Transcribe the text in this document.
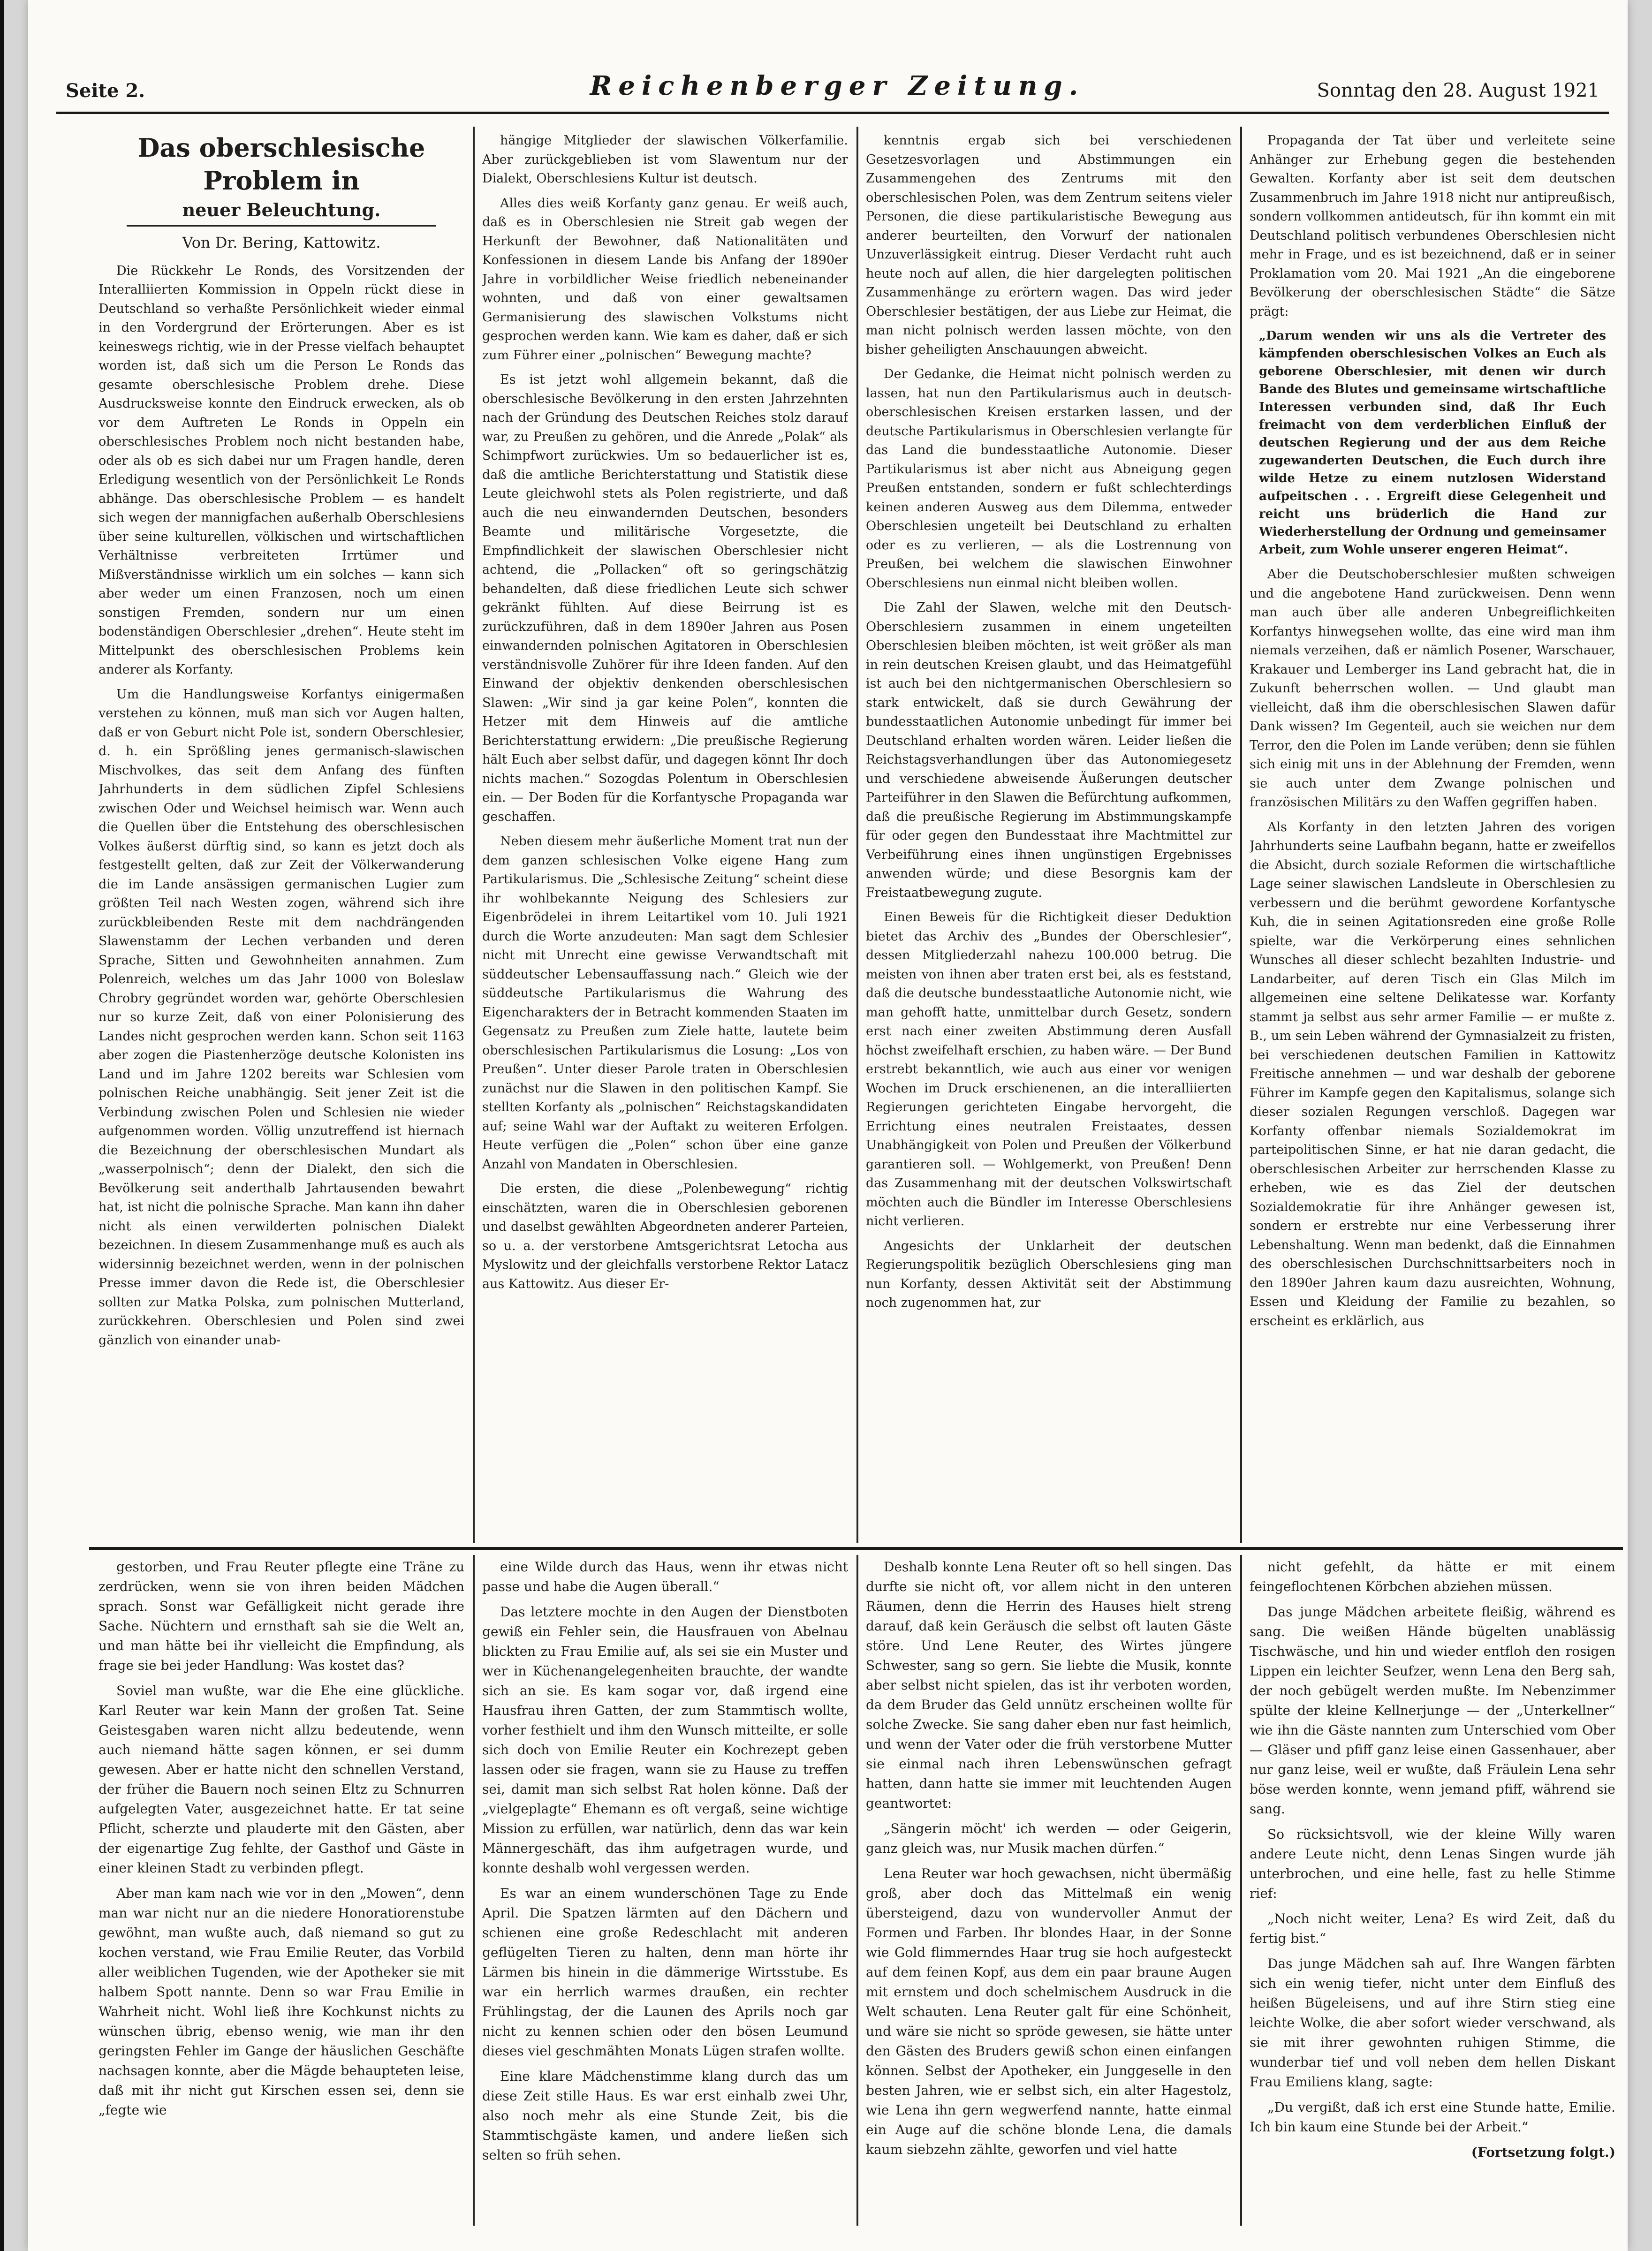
Seite 2.	Reichenberger Zeitung.	Sonntag den 28. August 1921
Das oberschlesische Problem in
neuer Beleuchtung.
Von Dr. Bering, Kattowitz.

Die Rückkehr Le Ronds, des Vorsitzenden der Interalliierten Kommission in Oppeln rückt diese in Deutschland so verhaßte Persönlichkeit wieder einmal in den Vordergrund der Erörterungen. Aber es ist keineswegs richtig, wie in der Presse vielfach behauptet worden ist, daß sich um die Person Le Ronds das gesamte oberschlesische Problem drehe. Diese Ausdrucksweise konnte den Eindruck erwecken, als ob vor dem Auftreten Le Ronds in Oppeln ein oberschlesisches Problem noch nicht bestanden habe, oder als ob es sich dabei nur um Fragen handle, deren Erledigung wesentlich von der Persönlichkeit Le Ronds abhänge. Das oberschlesische Problem — es handelt sich wegen der mannigfachen außerhalb Oberschlesiens über seine kulturellen, völkischen und wirtschaftlichen Verhältnisse verbreiteten Irrtümer und Mißverständnisse wirklich um ein solches — kann sich aber weder um einen Franzosen, noch um einen sonstigen Fremden, sondern nur um einen bodenständigen Oberschlesier „drehen“. Heute steht im Mittelpunkt des oberschlesischen Problems kein anderer als Korfanty.

Um die Handlungsweise Korfantys einigermaßen verstehen zu können, muß man sich vor Augen halten, daß er von Geburt nicht Pole ist, sondern Oberschlesier, d. h. ein Sprößling jenes germanisch-slawischen Mischvolkes, das seit dem Anfang des fünften Jahrhunderts in dem südlichen Zipfel Schlesiens zwischen Oder und Weichsel heimisch war. Wenn auch die Quellen über die Entstehung des oberschlesischen Volkes äußerst dürftig sind, so kann es jetzt doch als festgestellt gelten, daß zur Zeit der Völkerwanderung die im Lande ansässigen germanischen Lugier zum größten Teil nach Westen zogen, während sich ihre zurückbleibenden Reste mit dem nachdrängenden Slawenstamm der Lechen verbanden und deren Sprache, Sitten und Gewohnheiten annahmen. Zum Polenreich, welches um das Jahr 1000 von Boleslaw Chrobry gegründet worden war, gehörte Oberschlesien nur so kurze Zeit, daß von einer Polonisierung des Landes nicht gesprochen werden kann. Schon seit 1163 aber zogen die Piastenherzöge deutsche Kolonisten ins Land und im Jahre 1202 bereits war Schlesien vom polnischen Reiche unabhängig. Seit jener Zeit ist die Verbindung zwischen Polen und Schlesien nie wieder aufgenommen worden. Völlig unzutreffend ist hiernach die Bezeichnung der oberschlesischen Mundart als „wasserpolnisch“; denn der Dialekt, den sich die Bevölkerung seit anderthalb Jahrtausenden bewahrt hat, ist nicht die polnische Sprache. Man kann ihn daher nicht als einen verwilderten polnischen Dialekt bezeichnen. In diesem Zusammenhange muß es auch als widersinnig bezeichnet werden, wenn in der polnischen Presse immer davon die Rede ist, die Oberschlesier sollten zur Matka Polska, zum polnischen Mutterland, zurückkehren. Oberschlesien und Polen sind zwei gänzlich von einander unab-

hängige Mitglieder der slawischen Völkerfamilie. Aber zurückgeblieben ist vom Slawentum nur der Dialekt, Oberschlesiens Kultur ist deutsch.

Alles dies weiß Korfanty ganz genau. Er weiß auch, daß es in Oberschlesien nie Streit gab wegen der Herkunft der Bewohner, daß Nationalitäten und Konfessionen in diesem Lande bis Anfang der 1890er Jahre in vorbildlicher Weise friedlich nebeneinander wohnten, und daß von einer gewaltsamen Germanisierung des slawischen Volkstums nicht gesprochen werden kann. Wie kam es daher, daß er sich zum Führer einer „polnischen“ Bewegung machte?

Es ist jetzt wohl allgemein bekannt, daß die oberschlesische Bevölkerung in den ersten Jahrzehnten nach der Gründung des Deutschen Reiches stolz darauf war, zu Preußen zu gehören, und die Anrede „Polak“ als Schimpfwort zurückwies. Um so bedauerlicher ist es, daß die amtliche Berichterstattung und Statistik diese Leute gleichwohl stets als Polen registrierte, und daß auch die neu einwandernden Deutschen, besonders Beamte und militärische Vorgesetzte, die Empfindlichkeit der slawischen Oberschlesier nicht achtend, die „Pollacken“ oft so geringschätzig behandelten, daß diese friedlichen Leute sich schwer gekränkt fühlten. Auf diese Beirrung ist es zurückzuführen, daß in dem 1890er Jahren aus Posen einwandernden polnischen Agitatoren in Oberschlesien verständnisvolle Zuhörer für ihre Ideen fanden. Auf den Einwand der objektiv denkenden oberschlesischen Slawen: „Wir sind ja gar keine Polen“, konnten die Hetzer mit dem Hinweis auf die amtliche Berichterstattung erwidern: „Die preußische Regierung hält Euch aber selbst dafür, und dagegen könnt Ihr doch nichts machen.“ Sozogdas Polentum in Oberschlesien ein. — Der Boden für die Korfantysche Propaganda war geschaffen.

Neben diesem mehr äußerliche Moment trat nun der dem ganzen schlesischen Volke eigene Hang zum Partikularismus. Die „Schlesische Zeitung“ scheint diese ihr wohlbekannte Neigung des Schlesiers zur Eigenbrödelei in ihrem Leitartikel vom 10. Juli 1921 durch die Worte anzudeuten: Man sagt dem Schlesier nicht mit Unrecht eine gewisse Verwandtschaft mit süddeutscher Lebensauffassung nach.“ Gleich wie der süddeutsche Partikularismus die Wahrung des Eigencharakters der in Betracht kommenden Staaten im Gegensatz zu Preußen zum Ziele hatte, lautete beim oberschlesischen Partikularismus die Losung: „Los von Preußen“. Unter dieser Parole traten in Oberschlesien zunächst nur die Slawen in den politischen Kampf. Sie stellten Korfanty als „polnischen“ Reichstagskandidaten auf; seine Wahl war der Auftakt zu weiteren Erfolgen. Heute verfügen die „Polen“ schon über eine ganze Anzahl von Mandaten in Oberschlesien.

Die ersten, die diese „Polenbewegung“ richtig einschätzten, waren die in Oberschlesien geborenen und daselbst gewählten Abgeordneten anderer Parteien, so u. a. der verstorbene Amtsgerichtsrat Letocha aus Myslowitz und der gleichfalls verstorbene Rektor Latacz aus Kattowitz. Aus dieser Er-

kenntnis ergab sich bei verschiedenen Gesetzesvorlagen und Abstimmungen ein Zusammengehen des Zentrums mit den oberschlesischen Polen, was dem Zentrum seitens vieler Personen, die diese partikularistische Bewegung aus anderer beurteilten, den Vorwurf der nationalen Unzuverlässigkeit eintrug. Dieser Verdacht ruht auch heute noch auf allen, die hier dargelegten politischen Zusammenhänge zu erörtern wagen. Das wird jeder Oberschlesier bestätigen, der aus Liebe zur Heimat, die man nicht polnisch werden lassen möchte, von den bisher geheiligten Anschauungen abweicht.

Der Gedanke, die Heimat nicht polnisch werden zu lassen, hat nun den Partikularismus auch in deutsch-oberschlesischen Kreisen erstarken lassen, und der deutsche Partikularismus in Oberschlesien verlangte für das Land die bundesstaatliche Autonomie. Dieser Partikularismus ist aber nicht aus Abneigung gegen Preußen entstanden, sondern er fußt schlechterdings keinen anderen Ausweg aus dem Dilemma, entweder Oberschlesien ungeteilt bei Deutschland zu erhalten oder es zu verlieren, — als die Lostrennung von Preußen, bei welchem die slawischen Einwohner Oberschlesiens nun einmal nicht bleiben wollen.

Die Zahl der Slawen, welche mit den Deutsch-Oberschlesiern zusammen in einem ungeteilten Oberschlesien bleiben möchten, ist weit größer als man in rein deutschen Kreisen glaubt, und das Heimatgefühl ist auch bei den nichtgermanischen Oberschlesiern so stark entwickelt, daß sie durch Gewährung der bundesstaatlichen Autonomie unbedingt für immer bei Deutschland erhalten worden wären. Leider ließen die Reichstagsverhandlungen über das Autonomiegesetz und verschiedene abweisende Äußerungen deutscher Parteiführer in den Slawen die Befürchtung aufkommen, daß die preußische Regierung im Abstimmungskampfe für oder gegen den Bundesstaat ihre Machtmittel zur Verbeiführung eines ihnen ungünstigen Ergebnisses anwenden würde; und diese Besorgnis kam der Freistaatbewegung zugute.

Einen Beweis für die Richtigkeit dieser Deduktion bietet das Archiv des „Bundes der Oberschlesier“, dessen Mitgliederzahl nahezu 100.000 betrug. Die meisten von ihnen aber traten erst bei, als es feststand, daß die deutsche bundesstaatliche Autonomie nicht, wie man gehofft hatte, unmittelbar durch Gesetz, sondern erst nach einer zweiten Abstimmung deren Ausfall höchst zweifelhaft erschien, zu haben wäre. — Der Bund erstrebt bekanntlich, wie auch aus einer vor wenigen Wochen im Druck erschienenen, an die interalliierten Regierungen gerichteten Eingabe hervorgeht, die Errichtung eines neutralen Freistaates, dessen Unabhängigkeit von Polen und Preußen der Völkerbund garantieren soll. — Wohlgemerkt, von Preußen! Denn das Zusammenhang mit der deutschen Volkswirtschaft möchten auch die Bündler im Interesse Oberschlesiens nicht verlieren.

Angesichts der Unklarheit der deutschen Regierungspolitik bezüglich Oberschlesiens ging man nun Korfanty, dessen Aktivität seit der Abstimmung noch zugenommen hat, zur

Propaganda der Tat über und verleitete seine Anhänger zur Erhebung gegen die bestehenden Gewalten. Korfanty aber ist seit dem deutschen Zusammenbruch im Jahre 1918 nicht nur antipreußisch, sondern vollkommen antideutsch, für ihn kommt ein mit Deutschland politisch verbundenes Oberschlesien nicht mehr in Frage, und es ist bezeichnend, daß er in seiner Proklamation vom 20. Mai 1921 „An die eingeborene Bevölkerung der oberschlesischen Städte“ die Sätze prägt:

„Darum wenden wir uns als die Vertreter des kämpfenden oberschlesischen Volkes an Euch als geborene Oberschlesier, mit denen wir durch Bande des Blutes und gemeinsame wirtschaftliche Interessen verbunden sind, daß Ihr Euch freimacht von dem verderblichen Einfluß der deutschen Regierung und der aus dem Reiche zugewanderten Deutschen, die Euch durch ihre wilde Hetze zu einem nutzlosen Widerstand aufpeitschen . . . Ergreift diese Gelegenheit und reicht uns brüderlich die Hand zur Wiederherstellung der Ordnung und gemeinsamer Arbeit, zum Wohle unserer engeren Heimat“.

Aber die Deutschoberschlesier mußten schweigen und die angebotene Hand zurückweisen. Denn wenn man auch über alle anderen Unbegreiflichkeiten Korfantys hinwegsehen wollte, das eine wird man ihm niemals verzeihen, daß er nämlich Posener, Warschauer, Krakauer und Lemberger ins Land gebracht hat, die in Zukunft beherrschen wollen. — Und glaubt man vielleicht, daß ihm die oberschlesischen Slawen dafür Dank wissen? Im Gegenteil, auch sie weichen nur dem Terror, den die Polen im Lande verüben; denn sie fühlen sich einig mit uns in der Ablehnung der Fremden, wenn sie auch unter dem Zwange polnischen und französischen Militärs zu den Waffen gegriffen haben.

Als Korfanty in den letzten Jahren des vorigen Jahrhunderts seine Laufbahn begann, hatte er zweifellos die Absicht, durch soziale Reformen die wirtschaftliche Lage seiner slawischen Landsleute in Oberschlesien zu verbessern und die berühmt gewordene Korfantysche Kuh, die in seinen Agitationsreden eine große Rolle spielte, war die Verkörperung eines sehnlichen Wunsches all dieser schlecht bezahlten Industrie- und Landarbeiter, auf deren Tisch ein Glas Milch im allgemeinen eine seltene Delikatesse war. Korfanty stammt ja selbst aus sehr armer Familie — er mußte z. B., um sein Leben während der Gymnasialzeit zu fristen, bei verschiedenen deutschen Familien in Kattowitz Freitische annehmen — und war deshalb der geborene Führer im Kampfe gegen den Kapitalismus, solange sich dieser sozialen Regungen verschloß. Dagegen war Korfanty offenbar niemals Sozialdemokrat im parteipolitischen Sinne, er hat nie daran gedacht, die oberschlesischen Arbeiter zur herrschenden Klasse zu erheben, wie es das Ziel der deutschen Sozialdemokratie für ihre Anhänger gewesen ist, sondern er erstrebte nur eine Verbesserung ihrer Lebenshaltung. Wenn man bedenkt, daß die Einnahmen des oberschlesischen Durchschnittsarbeiters noch in den 1890er Jahren kaum dazu ausreichten, Wohnung, Essen und Kleidung der Familie zu bezahlen, so erscheint es erklärlich, aus

gestorben, und Frau Reuter pflegte eine Träne zu zerdrücken, wenn sie von ihren beiden Mädchen sprach. Sonst war Gefälligkeit nicht gerade ihre Sache. Nüchtern und ernsthaft sah sie die Welt an, und man hätte bei ihr vielleicht die Empfindung, als frage sie bei jeder Handlung: Was kostet das?

Soviel man wußte, war die Ehe eine glückliche. Karl Reuter war kein Mann der großen Tat. Seine Geistesgaben waren nicht allzu bedeutende, wenn auch niemand hätte sagen können, er sei dumm gewesen. Aber er hatte nicht den schnellen Verstand, der früher die Bauern noch seinen Eltz zu Schnurren aufgelegten Vater, ausgezeichnet hatte. Er tat seine Pflicht, scherzte und plauderte mit den Gästen, aber der eigenartige Zug fehlte, der Gasthof und Gäste in einer kleinen Stadt zu verbinden pflegt.

Aber man kam nach wie vor in den „Mowen“, denn man war nicht nur an die niedere Honoratiorenstube gewöhnt, man wußte auch, daß niemand so gut zu kochen verstand, wie Frau Emilie Reuter, das Vorbild aller weiblichen Tugenden, wie der Apotheker sie mit halbem Spott nannte. Denn so war Frau Emilie in Wahrheit nicht. Wohl ließ ihre Kochkunst nichts zu wünschen übrig, ebenso wenig, wie man ihr den geringsten Fehler im Gange der häuslichen Geschäfte nachsagen konnte, aber die Mägde behaupteten leise, daß mit ihr nicht gut Kirschen essen sei, denn sie „fegte wie

eine Wilde durch das Haus, wenn ihr etwas nicht passe und habe die Augen überall.“

Das letztere mochte in den Augen der Dienstboten gewiß ein Fehler sein, die Hausfrauen von Abelnau blickten zu Frau Emilie auf, als sei sie ein Muster und wer in Küchenangelegenheiten brauchte, der wandte sich an sie. Es kam sogar vor, daß irgend eine Hausfrau ihren Gatten, der zum Stammtisch wollte, vorher festhielt und ihm den Wunsch mitteilte, er solle sich doch von Emilie Reuter ein Kochrezept geben lassen oder sie fragen, wann sie zu Hause zu treffen sei, damit man sich selbst Rat holen könne. Daß der „vielgeplagte“ Ehemann es oft vergaß, seine wichtige Mission zu erfüllen, war natürlich, denn das war kein Männergeschäft, das ihm aufgetragen wurde, und konnte deshalb wohl vergessen werden.

Es war an einem wunderschönen Tage zu Ende April. Die Spatzen lärmten auf den Dächern und schienen eine große Redeschlacht mit anderen geflügelten Tieren zu halten, denn man hörte ihr Lärmen bis hinein in die dämmerige Wirtsstube. Es war ein herrlich warmes draußen, ein rechter Frühlingstag, der die Launen des Aprils noch gar nicht zu kennen schien oder den bösen Leumund dieses viel geschmähten Monats Lügen strafen wollte.

Eine klare Mädchenstimme klang durch das um diese Zeit stille Haus. Es war erst einhalb zwei Uhr, also noch mehr als eine Stunde Zeit, bis die Stammtischgäste kamen, und andere ließen sich selten so früh sehen.

Deshalb konnte Lena Reuter oft so hell singen. Das durfte sie nicht oft, vor allem nicht in den unteren Räumen, denn die Herrin des Hauses hielt streng darauf, daß kein Geräusch die selbst oft lauten Gäste störe. Und Lene Reuter, des Wirtes jüngere Schwester, sang so gern. Sie liebte die Musik, konnte aber selbst nicht spielen, das ist ihr verboten worden, da dem Bruder das Geld unnütz erscheinen wollte für solche Zwecke. Sie sang daher eben nur fast heimlich, und wenn der Vater oder die früh verstorbene Mutter sie einmal nach ihren Lebenswünschen gefragt hatten, dann hatte sie immer mit leuchtenden Augen geantwortet:

„Sängerin möcht' ich werden — oder Geigerin, ganz gleich was, nur Musik machen dürfen.“

Lena Reuter war hoch gewachsen, nicht übermäßig groß, aber doch das Mittelmaß ein wenig übersteigend, dazu von wundervoller Anmut der Formen und Farben. Ihr blondes Haar, in der Sonne wie Gold flimmerndes Haar trug sie hoch aufgesteckt auf dem feinen Kopf, aus dem ein paar braune Augen mit ernstem und doch schelmischem Ausdruck in die Welt schauten. Lena Reuter galt für eine Schönheit, und wäre sie nicht so spröde gewesen, sie hätte unter den Gästen des Bruders gewiß schon einen einfangen können. Selbst der Apotheker, ein Junggeselle in den besten Jahren, wie er selbst sich, ein alter Hagestolz, wie Lena ihn gern wegwerfend nannte, hatte einmal ein Auge auf die schöne blonde Lena, die damals kaum siebzehn zählte, geworfen und viel hatte

nicht gefehlt, da hätte er mit einem feingeflochtenen Körbchen abziehen müssen.

Das junge Mädchen arbeitete fleißig, während es sang. Die weißen Hände bügelten unablässig Tischwäsche, und hin und wieder entfloh den rosigen Lippen ein leichter Seufzer, wenn Lena den Berg sah, der noch gebügelt werden mußte. Im Nebenzimmer spülte der kleine Kellnerjunge — der „Unterkellner“ wie ihn die Gäste nannten zum Unterschied vom Ober — Gläser und pfiff ganz leise einen Gassenhauer, aber nur ganz leise, weil er wußte, daß Fräulein Lena sehr böse werden konnte, wenn jemand pfiff, während sie sang.

So rücksichtsvoll, wie der kleine Willy waren andere Leute nicht, denn Lenas Singen wurde jäh unterbrochen, und eine helle, fast zu helle Stimme rief:

„Noch nicht weiter, Lena? Es wird Zeit, daß du fertig bist.“

Das junge Mädchen sah auf. Ihre Wangen färbten sich ein wenig tiefer, nicht unter dem Einfluß des heißen Bügeleisens, und auf ihre Stirn stieg eine leichte Wolke, die aber sofort wieder verschwand, als sie mit ihrer gewohnten ruhigen Stimme, die wunderbar tief und voll neben dem hellen Diskant Frau Emiliens klang, sagte:

„Du vergißt, daß ich erst eine Stunde hatte, Emilie. Ich bin kaum eine Stunde bei der Arbeit.“

(Fortsetzung folgt.)
